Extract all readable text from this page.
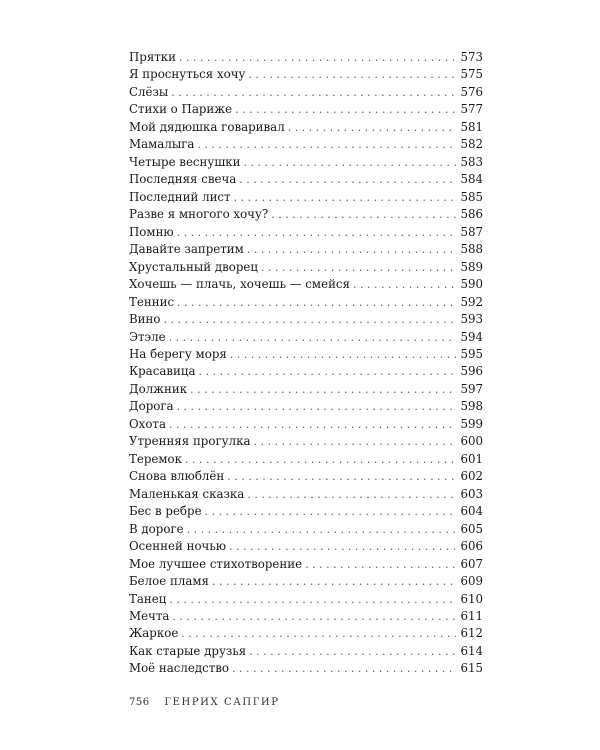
Прятки . . .	573
Я проснуться хочу . . .	575
Слёзы . . .	576
Стихи о Париже . . .	577
Мой дядюшка говаривал . . .	581
Мамалыга . . .	582
Четыре веснушки . . .	583
Последняя свеча . . .	584
Последний лист . . .	585
Разве я многого хочу? . . .	586
Помню . . .	587
Давайте запретим . . .	588
Хрустальный дворец . . .	589
Хочешь — плачь, хочешь — смейся . . .	590
Теннис . . .	592
Вино . . .	593
Этэле . . .	594
На берегу моря . . .	595
Красавица . . .	596
Должник . . .	597
Дорога . . .	598
Охота . . .	599
Утренняя прогулка . . .	600
Теремок . . .	601
Снова влюблён . . .	602
Маленькая сказка . . .	603
Бес в ребре . . .	604
В дороге . . .	605
Осенней ночью . . .	606
Мое лучшее стихотворение . . .	607
Белое пламя . . .	609
Танец . . .	610
Мечта . . .	611
Жаркое . . .	612
Как старые друзья . . .	614
Моё наследство . . .	615
756 ГЕНРИХ САПГИР
